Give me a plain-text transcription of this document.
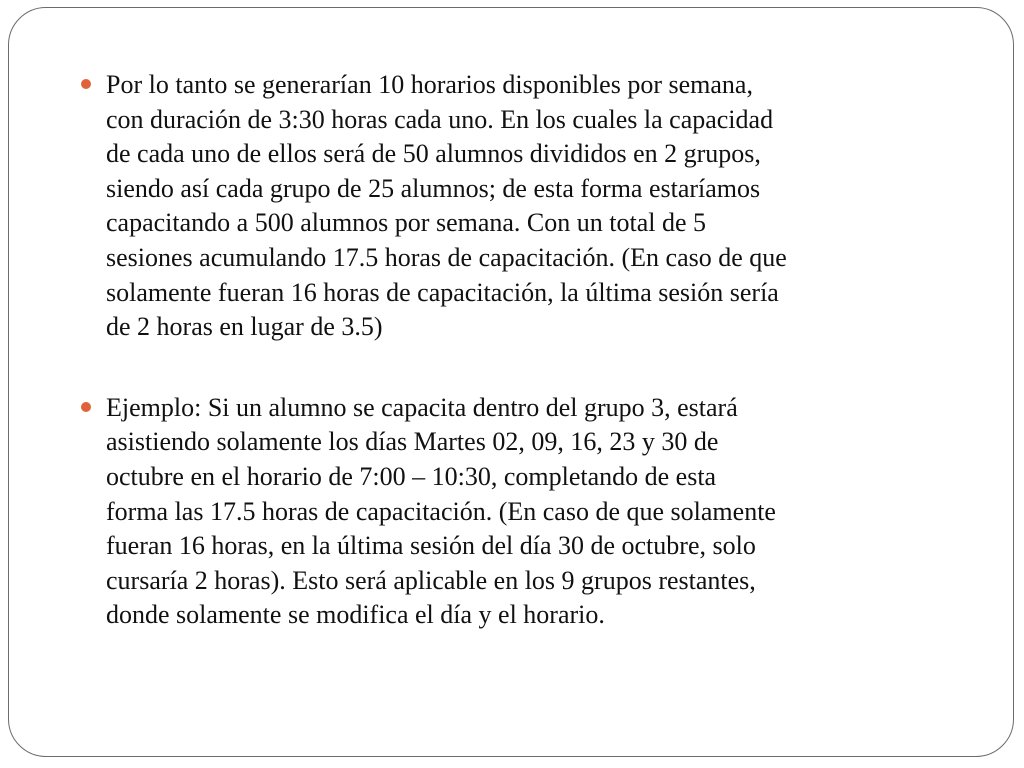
Por lo tanto se generarían 10 horarios disponibles por semana,
con duración de 3:30 horas cada uno. En los cuales la capacidad
de cada uno de ellos será de 50 alumnos divididos en 2 grupos,
siendo así cada grupo de 25 alumnos; de esta forma estaríamos
capacitando a 500 alumnos por semana. Con un total de 5
sesiones acumulando 17.5 horas de capacitación. (En caso de que
solamente fueran 16 horas de capacitación, la última sesión sería
de 2 horas en lugar de 3.5)
Ejemplo: Si un alumno se capacita dentro del grupo 3, estará
asistiendo solamente los días Martes 02, 09, 16, 23 y 30 de
octubre en el horario de 7:00 – 10:30, completando de esta
forma las 17.5 horas de capacitación. (En caso de que solamente
fueran 16 horas, en la última sesión del día 30 de octubre, solo
cursaría 2 horas). Esto será aplicable en los 9 grupos restantes,
donde solamente se modifica el día y el horario.
